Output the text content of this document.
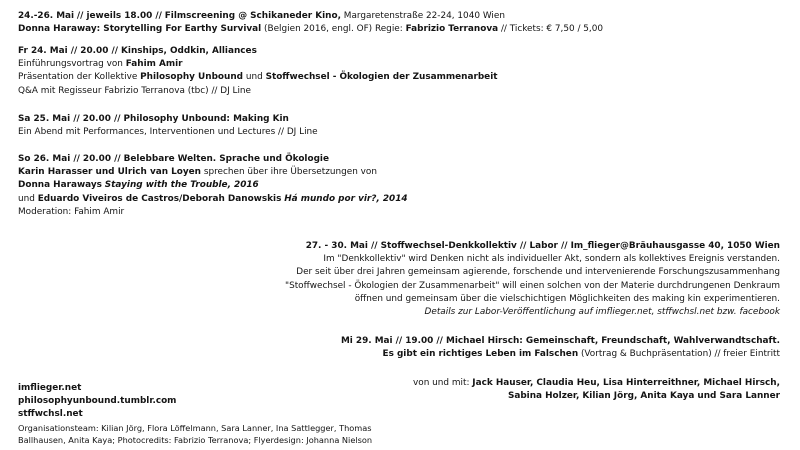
24.-26. Mai // jeweils 18.00 // Filmscreening @ Schikaneder Kino, Margaretenstraße 22-24, 1040 Wien
Donna Haraway: Storytelling For Earthy Survival (Belgien 2016, engl. OF) Regie: Fabrizio Terranova // Tickets: € 7,50 / 5,00
Fr 24. Mai // 20.00 // Kinships, Oddkin, Alliances
Einführungsvortrag von Fahim Amir
Präsentation der Kollektive Philosophy Unbound und Stoffwechsel - Ökologien der Zusammenarbeit
Q&A mit Regisseur Fabrizio Terranova (tbc) // DJ Line
Sa 25. Mai // 20.00 // Philosophy Unbound: Making Kin
Ein Abend mit Performances, Interventionen und Lectures // DJ Line
So 26. Mai // 20.00 // Belebbare Welten. Sprache und Ökologie
Karin Harasser und Ulrich van Loyen sprechen über ihre Übersetzungen von
Donna Haraways Staying with the Trouble, 2016
und Eduardo Viveiros de Castros/Deborah Danowskis Há mundo por vir?, 2014
Moderation: Fahim Amir
27. - 30. Mai // Stoffwechsel-Denkkollektiv // Labor // Im_flieger@Bräuhausgasse 40, 1050 Wien
Im "Denkkollektiv" wird Denken nicht als individueller Akt, sondern als kollektives Ereignis verstanden.
Der seit über drei Jahren gemeinsam agierende, forschende und intervenierende Forschungszusammenhang
"Stoffwechsel - Ökologien der Zusammenarbeit" will einen solchen von der Materie durchdrungenen Denkraum
öffnen und gemeinsam über die vielschichtigen Möglichkeiten des making kin experimentieren.
Details zur Labor-Veröffentlichung auf imflieger.net, stffwchsl.net bzw. facebook
Mi 29. Mai // 19.00 // Michael Hirsch: Gemeinschaft, Freundschaft, Wahlverwandtschaft.
Es gibt ein richtiges Leben im Falschen (Vortrag & Buchpräsentation) // freier Eintritt
von und mit: Jack Hauser, Claudia Heu, Lisa Hinterreithner, Michael Hirsch,
Sabina Holzer, Kilian Jörg, Anita Kaya und Sara Lanner
imflieger.net
philosophyunbound.tumblr.com
stffwchsl.net
Organisationsteam: Kilian Jörg, Flora Löffelmann, Sara Lanner, Ina Sattlegger, Thomas
Ballhausen, Anita Kaya; Photocredits: Fabrizio Terranova; Flyerdesign: Johanna Nielson
